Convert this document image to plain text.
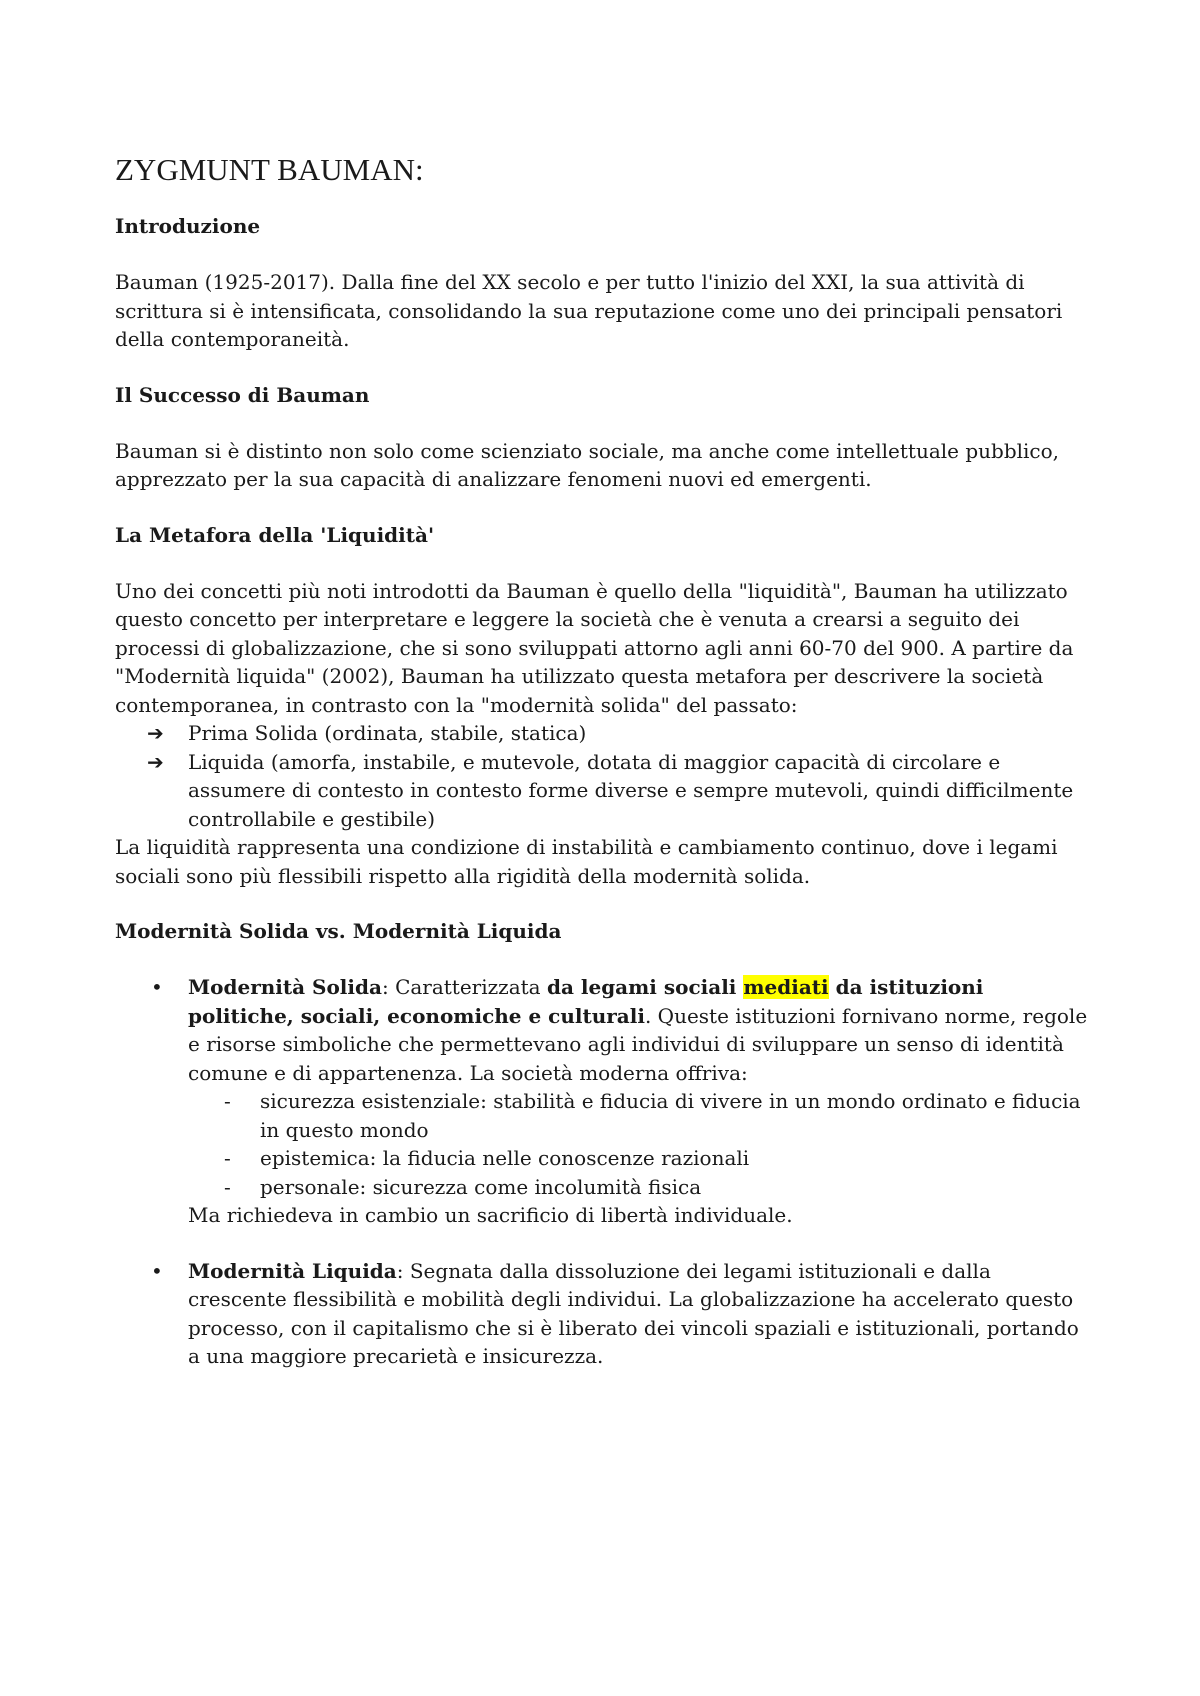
ZYGMUNT BAUMAN:
Introduzione

Bauman (1925-2017). Dalla fine del XX secolo e per tutto l'inizio del XXI, la sua attività di scrittura si è intensificata, consolidando la sua reputazione come uno dei principali pensatori della contemporaneità.

Il Successo di Bauman

Bauman si è distinto non solo come scienziato sociale, ma anche come intellettuale pubblico, apprezzato per la sua capacità di analizzare fenomeni nuovi ed emergenti.

La Metafora della 'Liquidità'

Uno dei concetti più noti introdotti da Bauman è quello della "liquidità", Bauman ha utilizzato questo concetto per interpretare e leggere la società che è venuta a crearsi a seguito dei processi di globalizzazione, che si sono sviluppati attorno agli anni 60-70 del 900. A partire da "Modernità liquida" (2002), Bauman ha utilizzato questa metafora per descrivere la società contemporanea, in contrasto con la "modernità solida" del passato:

➔ Prima Solida (ordinata, stabile, statica)
➔ Liquida (amorfa, instabile, e mutevole, dotata di maggior capacità di circolare e assumere di contesto in contesto forme diverse e sempre mutevoli, quindi difficilmente controllabile e gestibile)

La liquidità rappresenta una condizione di instabilità e cambiamento continuo, dove i legami sociali sono più flessibili rispetto alla rigidità della modernità solida.

Modernità Solida vs. Modernità Liquida
• Modernità Solida: Caratterizzata da legami sociali mediati da istituzioni politiche, sociali, economiche e culturali. Queste istituzioni fornivano norme, regole e risorse simboliche che permettevano agli individui di sviluppare un senso di identità comune e di appartenenza. La società moderna offriva:
- sicurezza esistenziale: stabilità e fiducia di vivere in un mondo ordinato e fiducia in questo mondo
- epistemica: la fiducia nelle conoscenze razionali
- personale: sicurezza come incolumità fisica
Ma richiedeva in cambio un sacrificio di libertà individuale.
• Modernità Liquida: Segnata dalla dissoluzione dei legami istituzionali e dalla crescente flessibilità e mobilità degli individui. La globalizzazione ha accelerato questo processo, con il capitalismo che si è liberato dei vincoli spaziali e istituzionali, portando a una maggiore precarietà e insicurezza.
